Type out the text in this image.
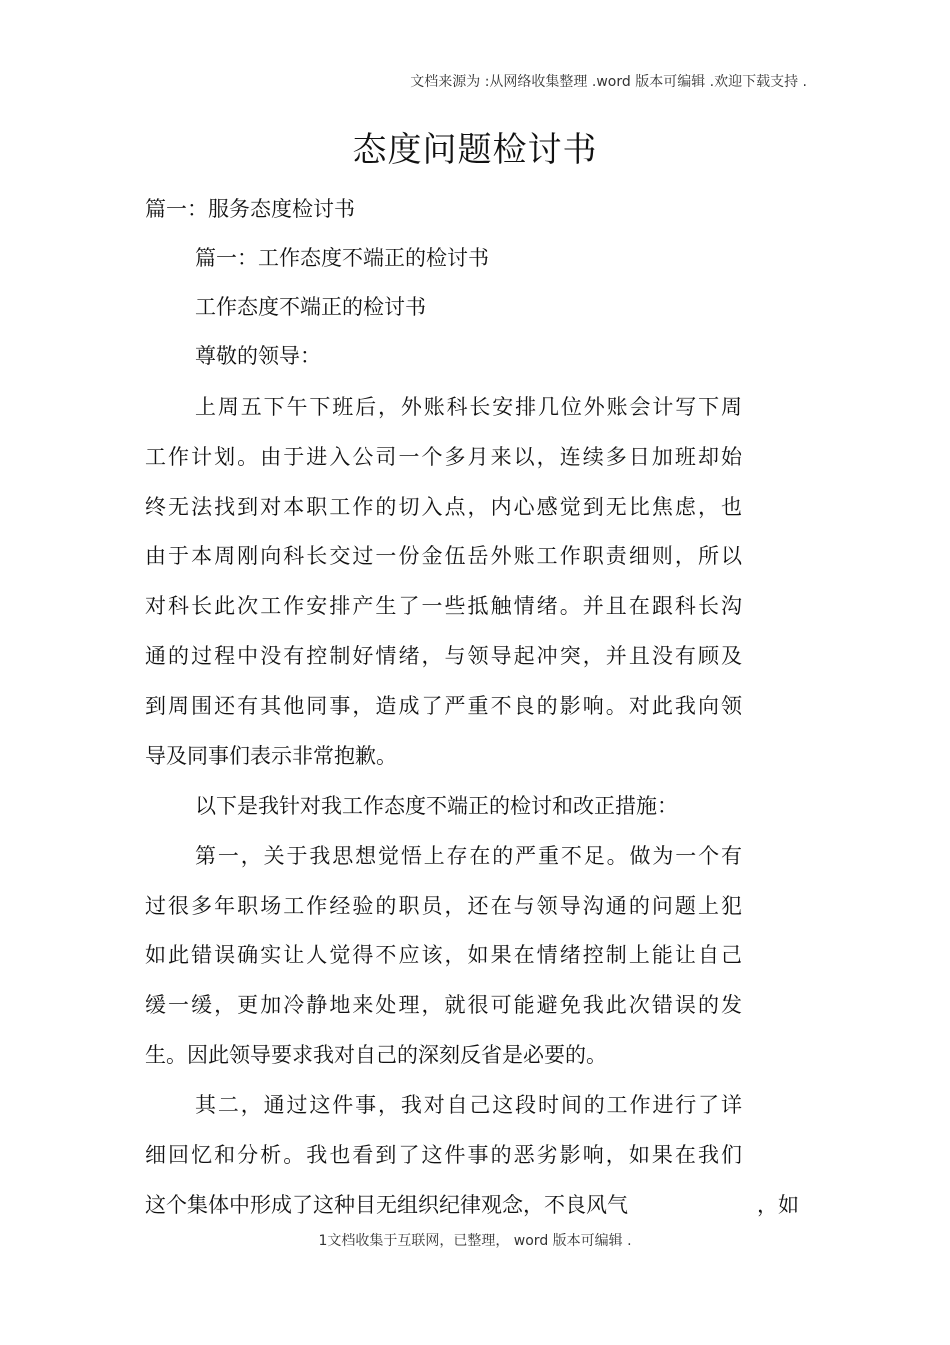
文档来源为 :从网络收集整理 .word 版本可编辑 .欢迎下载支持 .
态度问题检讨书
篇一：服务态度检讨书
篇一：工作态度不端正的检讨书
工作态度不端正的检讨书
尊敬的领导：
上周五下午下班后，外账科长安排几位外账会计写下周
工作计划。由于进入公司一个多月来以，连续多日加班却始
终无法找到对本职工作的切入点，内心感觉到无比焦虑，也
由于本周刚向科长交过一份金伍岳外账工作职责细则，所以
对科长此次工作安排产生了一些抵触情绪。并且在跟科长沟
通的过程中没有控制好情绪，与领导起冲突，并且没有顾及
到周围还有其他同事，造成了严重不良的影响。对此我向领
导及同事们表示非常抱歉。
以下是我针对我工作态度不端正的检讨和改正措施：
第一，关于我思想觉悟上存在的严重不足。做为一个有
过很多年职场工作经验的职员，还在与领导沟通的问题上犯
如此错误确实让人觉得不应该，如果在情绪控制上能让自己
缓一缓，更加冷静地来处理，就很可能避免我此次错误的发
生。因此领导要求我对自己的深刻反省是必要的。
其二，通过这件事，我对自己这段时间的工作进行了详
细回忆和分析。我也看到了这件事的恶劣影响，如果在我们
这个集体中形成了这种目无组织纪律观念，不良风气	，如
1文档收集于互联网，已整理， word 版本可编辑 .
